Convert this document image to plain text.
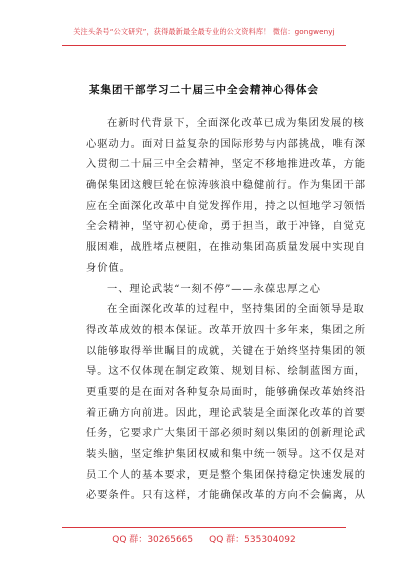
关注头条号“公文研究”，获得最新最全最专业的公文资料库！ 微信：gongwenyj
某集团干部学习二十届三中全会精神心得体会
在新时代背景下，全面深化改革已成为集团发展的核
心驱动力。面对日益复杂的国际形势与内部挑战，唯有深
入贯彻二十届三中全会精神，坚定不移地推进改革，方能
确保集团这艘巨轮在惊涛骇浪中稳健前行。作为集团干部
应在全面深化改革中自觉发挥作用，持之以恒地学习领悟
全会精神，坚守初心使命，勇于担当，敢于冲锋，自觉克
服困难，战胜堵点梗阻，在推动集团高质量发展中实现自
身价值。
一、理论武装“一刻不停”——永葆忠厚之心
在全面深化改革的过程中，坚持集团的全面领导是取
得改革成效的根本保证。改革开放四十多年来，集团之所
以能够取得举世瞩目的成就，关键在于始终坚持集团的领
导。这不仅体现在制定政策、规划目标、绘制蓝图方面，
更重要的是在面对各种复杂局面时，能够确保改革始终沿
着正确方向前进。因此，理论武装是全面深化改革的首要
任务，它要求广大集团干部必须时刻以集团的创新理论武
装头脑，坚定维护集团权威和集中统一领导。这不仅是对
员工个人的基本要求，更是整个集团保持稳定快速发展的
必要条件。只有这样，才能确保改革的方向不会偏离，从
QQ 群：30265665 QQ 群：535304092
